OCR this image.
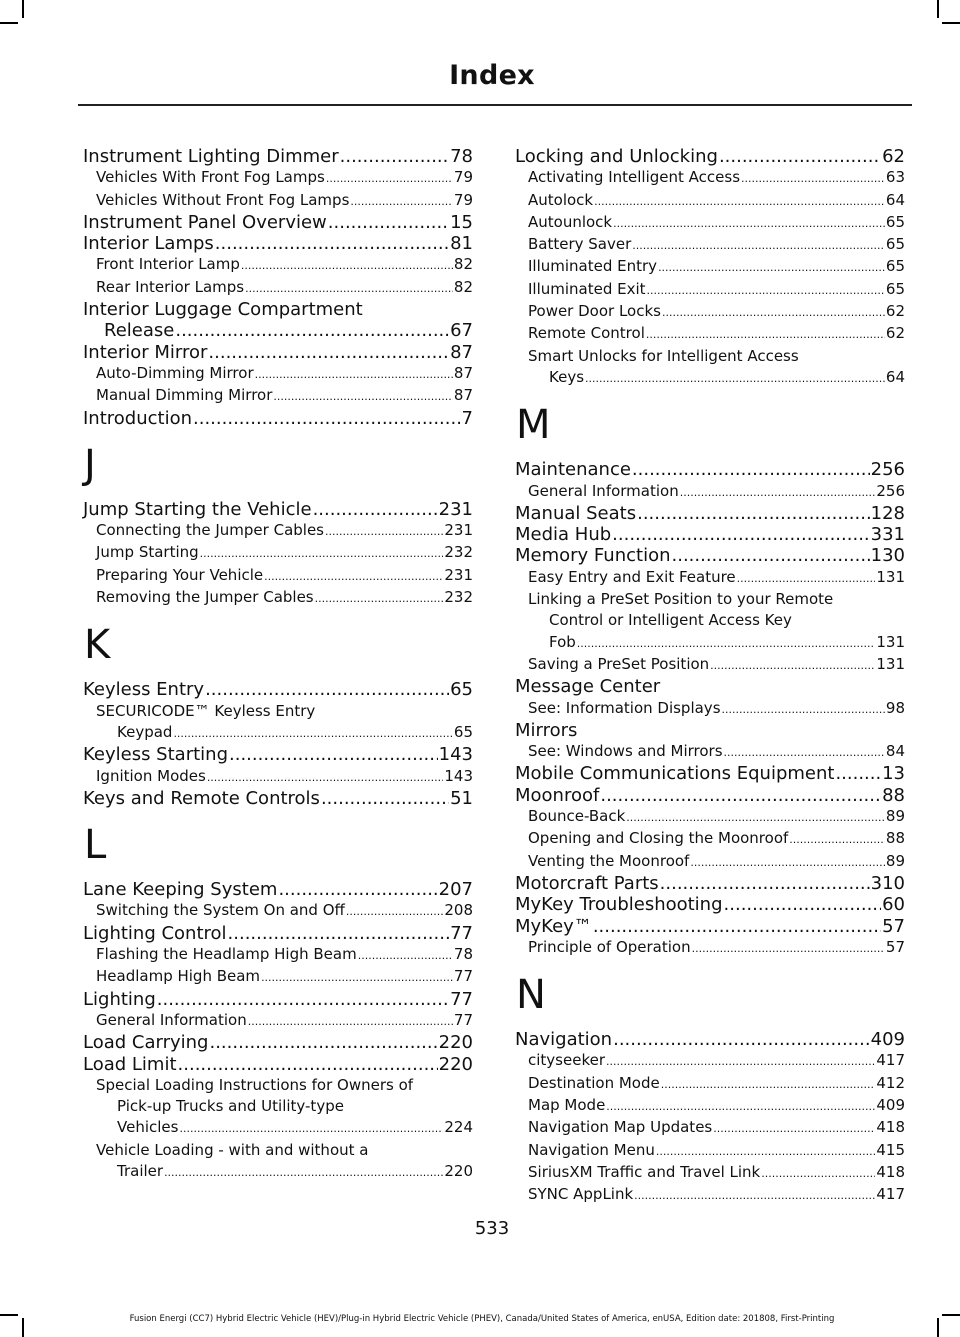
Index
Instrument Lighting Dimmer .....	78
Vehicles With Front Fog Lamps .....	79
Vehicles Without Front Fog Lamps .....	79
Instrument Panel Overview .....	15
Interior Lamps .....	81
Front Interior Lamp .....	82
Rear Interior Lamps .....	82
Interior Luggage Compartment
Release .....	67
Interior Mirror .....	87
Auto-Dimming Mirror .....	87
Manual Dimming Mirror .....	87
Introduction .....	7
J
Jump Starting the Vehicle .....	231
Connecting the Jumper Cables .....	231
Jump Starting .....	232
Preparing Your Vehicle .....	231
Removing the Jumper Cables .....	232
K
Keyless Entry .....	65
SECURICODE™ Keyless Entry
Keypad .....	65
Keyless Starting .....	143
Ignition Modes .....	143
Keys and Remote Controls .....	51
L
Lane Keeping System .....	207
Switching the System On and Off .....	208
Lighting Control .....	77
Flashing the Headlamp High Beam .....	78
Headlamp High Beam .....	77
Lighting .....	77
General Information .....	77
Load Carrying .....	220
Load Limit .....	220
Special Loading Instructions for Owners of
Pick-up Trucks and Utility-type
Vehicles .....	224
Vehicle Loading - with and without a
Trailer .....	220
Locking and Unlocking .....	62
Activating Intelligent Access .....	63
Autolock .....	64
Autounlock .....	65
Battery Saver .....	65
Illuminated Entry .....	65
Illuminated Exit .....	65
Power Door Locks .....	62
Remote Control .....	62
Smart Unlocks for Intelligent Access
Keys .....	64
M
Maintenance .....	256
General Information .....	256
Manual Seats .....	128
Media Hub .....	331
Memory Function .....	130
Easy Entry and Exit Feature .....	131
Linking a PreSet Position to your Remote
Control or Intelligent Access Key
Fob .....	131
Saving a PreSet Position .....	131
Message Center
See: Information Displays .....	98
Mirrors
See: Windows and Mirrors .....	84
Mobile Communications Equipment .....	13
Moonroof .....	88
Bounce-Back .....	89
Opening and Closing the Moonroof .....	88
Venting the Moonroof .....	89
Motorcraft Parts .....	310
MyKey Troubleshooting .....	60
MyKey™ .....	57
Principle of Operation .....	57
N
Navigation .....	409
cityseeker .....	417
Destination Mode .....	412
Map Mode .....	409
Navigation Map Updates .....	418
Navigation Menu .....	415
SiriusXM Traffic and Travel Link .....	418
SYNC AppLink .....	417
533
Fusion Energi (CC7) Hybrid Electric Vehicle (HEV)/Plug-in Hybrid Electric Vehicle (PHEV), Canada/United States of America, enUSA, Edition date: 201808, First-Printing
